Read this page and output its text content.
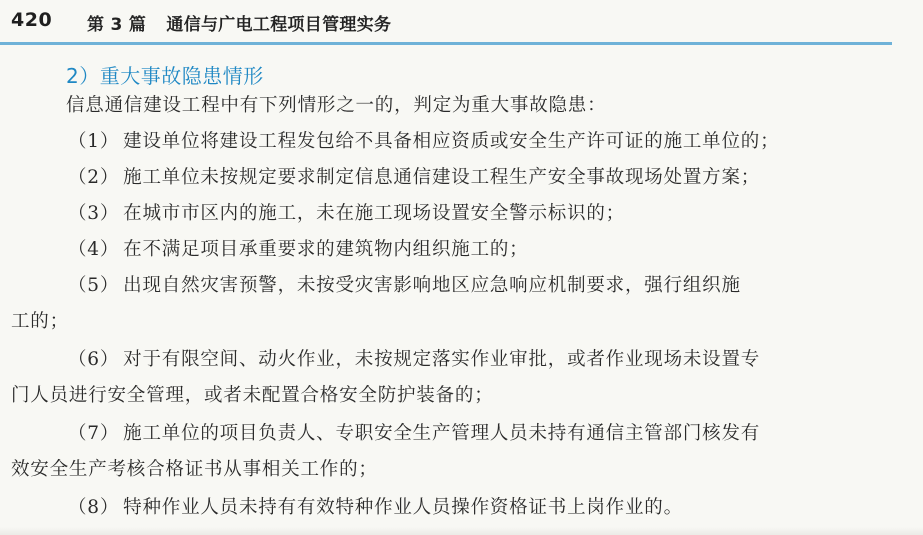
420 第 3 篇 通信与广电工程项目管理实务
2）重大事故隐患情形
信息通信建设工程中有下列情形之一的，判定为重大事故隐患：
（1） 建设单位将建设工程发包给不具备相应资质或安全生产许可证的施工单位的；
（2） 施工单位未按规定要求制定信息通信建设工程生产安全事故现场处置方案；
（3） 在城市市区内的施工，未在施工现场设置安全警示标识的；
（4） 在不满足项目承重要求的建筑物内组织施工的；
（5） 出现自然灾害预警，未按受灾害影响地区应急响应机制要求，强行组织施
工的；
（6） 对于有限空间、动火作业，未按规定落实作业审批，或者作业现场未设置专
门人员进行安全管理，或者未配置合格安全防护装备的；
（7） 施工单位的项目负责人、专职安全生产管理人员未持有通信主管部门核发有
效安全生产考核合格证书从事相关工作的；
（8） 特种作业人员未持有有效特种作业人员操作资格证书上岗作业的。
